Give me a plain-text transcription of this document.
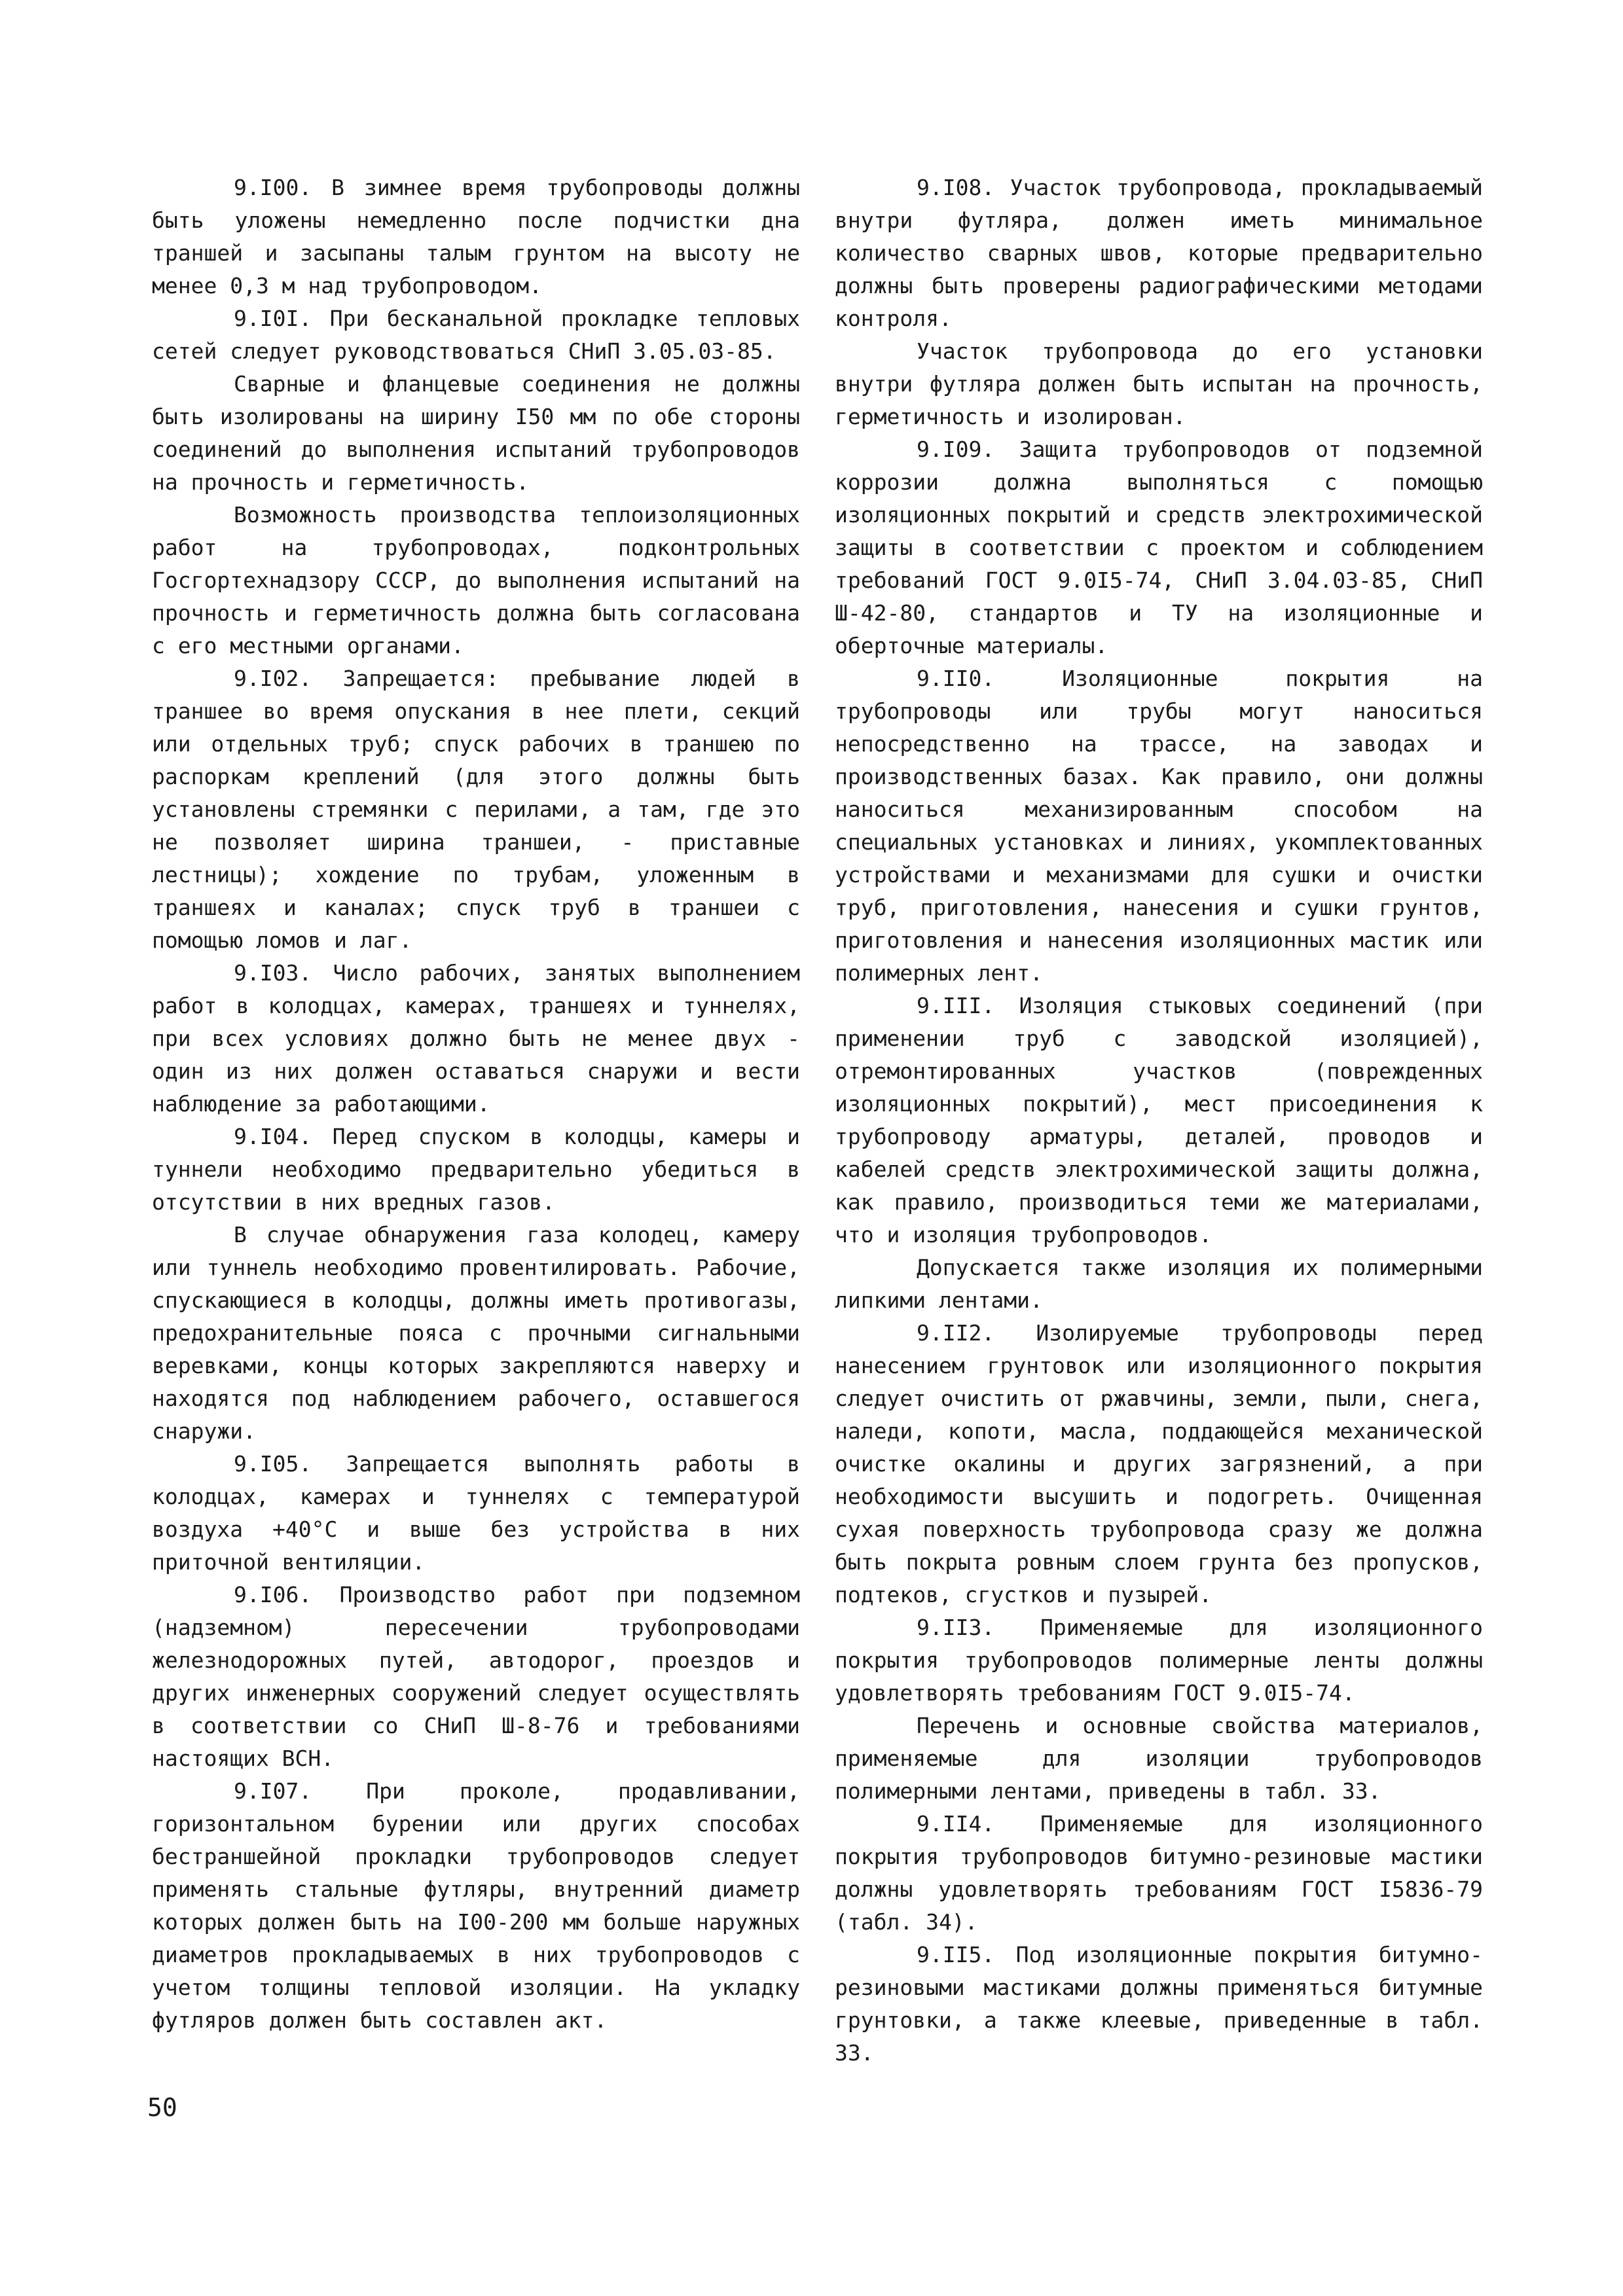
9.I00. В зимнее время трубопроводы должны быть уложены немедленно после подчистки дна траншей и засыпаны талым грунтом на высоту не менее 0,3 м над трубопроводом.

9.I0I. При бесканальной прокладке тепловых сетей следует руководствоваться СНиП 3.05.03-85.

Сварные и фланцевые соединения не должны быть изолированы на ширину I50 мм по обе стороны соединений до выполнения испытаний трубопроводов на прочность и герметичность.

Возможность производства теплоизоляционных работ на трубопроводах, подконтрольных Госгортехнадзору СССР, до выполнения испытаний на прочность и герметичность должна быть согласована с его местными органами.

9.I02. Запрещается: пребывание людей в траншее во время опускания в нее плети, секций или отдельных труб; спуск рабочих в траншею по распоркам креплений (для этого должны быть установлены стремянки с перилами, а там, где это не позволяет ширина траншеи, - приставные лестницы); хождение по трубам, уложенным в траншеях и каналах; спуск труб в траншеи с помощью ломов и лаг.

9.I03. Число рабочих, занятых выполнением работ в колодцах, камерах, траншеях и туннелях, при всех условиях должно быть не менее двух - один из них должен оставаться снаружи и вести наблюдение за работающими.

9.I04. Перед спуском в колодцы, камеры и туннели необходимо предварительно убедиться в отсутствии в них вредных газов.

В случае обнаружения газа колодец, камеру или туннель необходимо провентилировать. Рабочие, спускающиеся в колодцы, должны иметь противогазы, предохранительные пояса с прочными сигнальными веревками, концы которых закрепляются наверху и находятся под наблюдением рабочего, оставшегося снаружи.

9.I05. Запрещается выполнять работы в колодцах, камерах и туннелях с температурой воздуха +40°С и выше без устройства в них приточной вентиляции.

9.I06. Производство работ при подземном (надземном) пересечении трубопроводами железнодорожных путей, автодорог, проездов и других инженерных сооружений следует осуществлять в соответствии со СНиП Ш-8-76 и требованиями настоящих ВСН.

9.I07. При проколе, продавливании, горизонтальном бурении или других способах бестраншейной прокладки трубопроводов следует применять стальные футляры, внутренний диаметр которых должен быть на I00-200 мм больше наружных диаметров прокладываемых в них трубопроводов с учетом толщины тепловой изоляции. На укладку футляров должен быть составлен акт.

9.I08. Участок трубопровода, прокладываемый внутри футляра, должен иметь минимальное количество сварных швов, которые предварительно должны быть проверены радиографическими методами контроля.

Участок трубопровода до его установки внутри футляра должен быть испытан на прочность, герметичность и изолирован.

9.I09. Защита трубопроводов от подземной коррозии должна выполняться с помощью изоляционных покрытий и средств электрохимической защиты в соответствии с проектом и соблюдением требований ГОСТ 9.0I5-74, СНиП 3.04.03-85, СНиП Ш-42-80, стандартов и ТУ на изоляционные и оберточные материалы.

9.II0. Изоляционные покрытия на трубопроводы или трубы могут наноситься непосредственно на трассе, на заводах и производственных базах. Как правило, они должны наноситься механизированным способом на специальных установках и линиях, укомплектованных устройствами и механизмами для сушки и очистки труб, приготовления, нанесения и сушки грунтов, приготовления и нанесения изоляционных мастик или полимерных лент.

9.III. Изоляция стыковых соединений (при применении труб с заводской изоляцией), отремонтированных участков (поврежденных изоляционных покрытий), мест присоединения к трубопроводу арматуры, деталей, проводов и кабелей средств электрохимической защиты должна, как правило, производиться теми же материалами, что и изоляция трубопроводов.

Допускается также изоляция их полимерными липкими лентами.

9.II2. Изолируемые трубопроводы перед нанесением грунтовок или изоляционного покрытия следует очистить от ржавчины, земли, пыли, снега, наледи, копоти, масла, поддающейся механической очистке окалины и других загрязнений, а при необходимости высушить и подогреть. Очищенная сухая поверхность трубопровода сразу же должна быть покрыта ровным слоем грунта без пропусков, подтеков, сгустков и пузырей.

9.II3. Применяемые для изоляционного покрытия трубопроводов полимерные ленты должны удовлетворять требованиям ГОСТ 9.0I5-74.

Перечень и основные свойства материалов, применяемые для изоляции трубопроводов полимерными лентами, приведены в табл. 33.

9.II4. Применяемые для изоляционного покрытия трубопроводов битумно-резиновые мастики должны удовлетворять требованиям ГОСТ I5836-79 (табл. 34).

9.II5. Под изоляционные покрытия битумно-резиновыми мастиками должны применяться битумные грунтовки, а также клеевые, приведенные в табл. 33.

50
